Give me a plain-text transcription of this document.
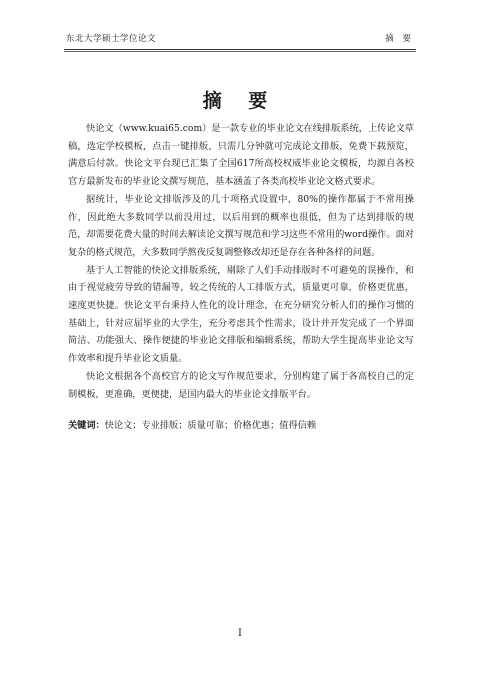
东北大学硕士学位论文	摘 要
摘 要

快论文（www.kuai65.com）是一款专业的毕业论文在线排版系统，上传论文草稿，选定学校模板，点击一键排版，只需几分钟就可完成论文排版，免费下载预览，满意后付款。快论文平台现已汇集了全国617所高校权威毕业论文模板，均源自各校官方最新发布的毕业论文撰写规范，基本涵盖了各类高校毕业论文格式要求。

据统计，毕业论文排版涉及的几十项格式设置中，80%的操作都属于不常用操作，因此绝大多数同学以前没用过，以后用到的概率也很低，但为了达到排版的规范，却需要花费大量的时间去解读论文撰写规范和学习这些不常用的word操作。面对复杂的格式规范，大多数同学熬夜反复调整修改却还是存在各种各样的问题。

基于人工智能的快论文排版系统，剔除了人们手动排版时不可避免的误操作，和由于视觉疲劳导致的错漏等，较之传统的人工排版方式，质量更可靠，价格更优惠，速度更快捷。快论文平台秉持人性化的设计理念，在充分研究分析人们的操作习惯的基础上，针对应届毕业的大学生，充分考虑其个性需求，设计并开发完成了一个界面简洁、功能强大、操作便捷的毕业论文排版和编辑系统，帮助大学生提高毕业论文写作效率和提升毕业论文质量。

快论文根据各个高校官方的论文写作规范要求，分别构建了属于各高校自己的定制模板，更准确，更便捷，是国内最大的毕业论文排版平台。

关键词：快论文；专业排版；质量可靠；价格优惠；值得信赖
I
